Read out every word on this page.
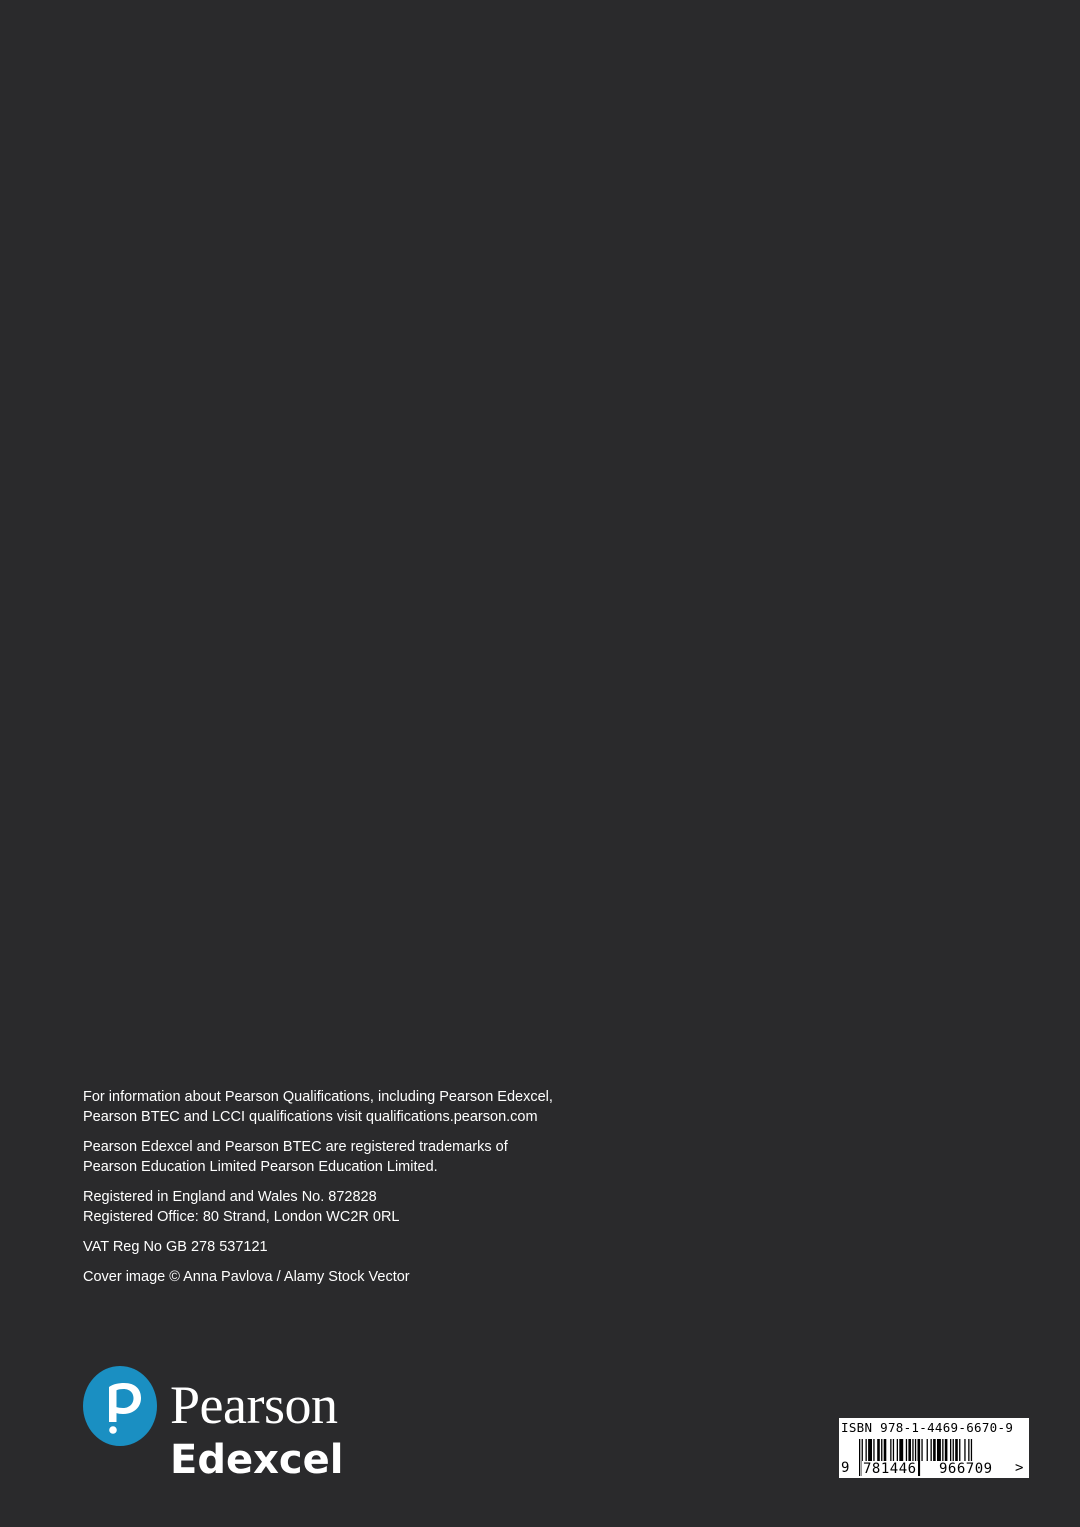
For information about Pearson Qualifications, including Pearson Edexcel,
Pearson BTEC and LCCI qualifications visit qualifications.pearson.com

Pearson Edexcel and Pearson BTEC are registered trademarks of
Pearson Education Limited Pearson Education Limited.

Registered in England and Wales No. 872828
Registered Office: 80 Strand, London WC2R 0RL

VAT Reg No GB 278 537121

Cover image © Anna Pavlova / Alamy Stock Vector

Pearson
Edexcel
ISBN 978-1-4469-6670-9
9 781446 966709 >
